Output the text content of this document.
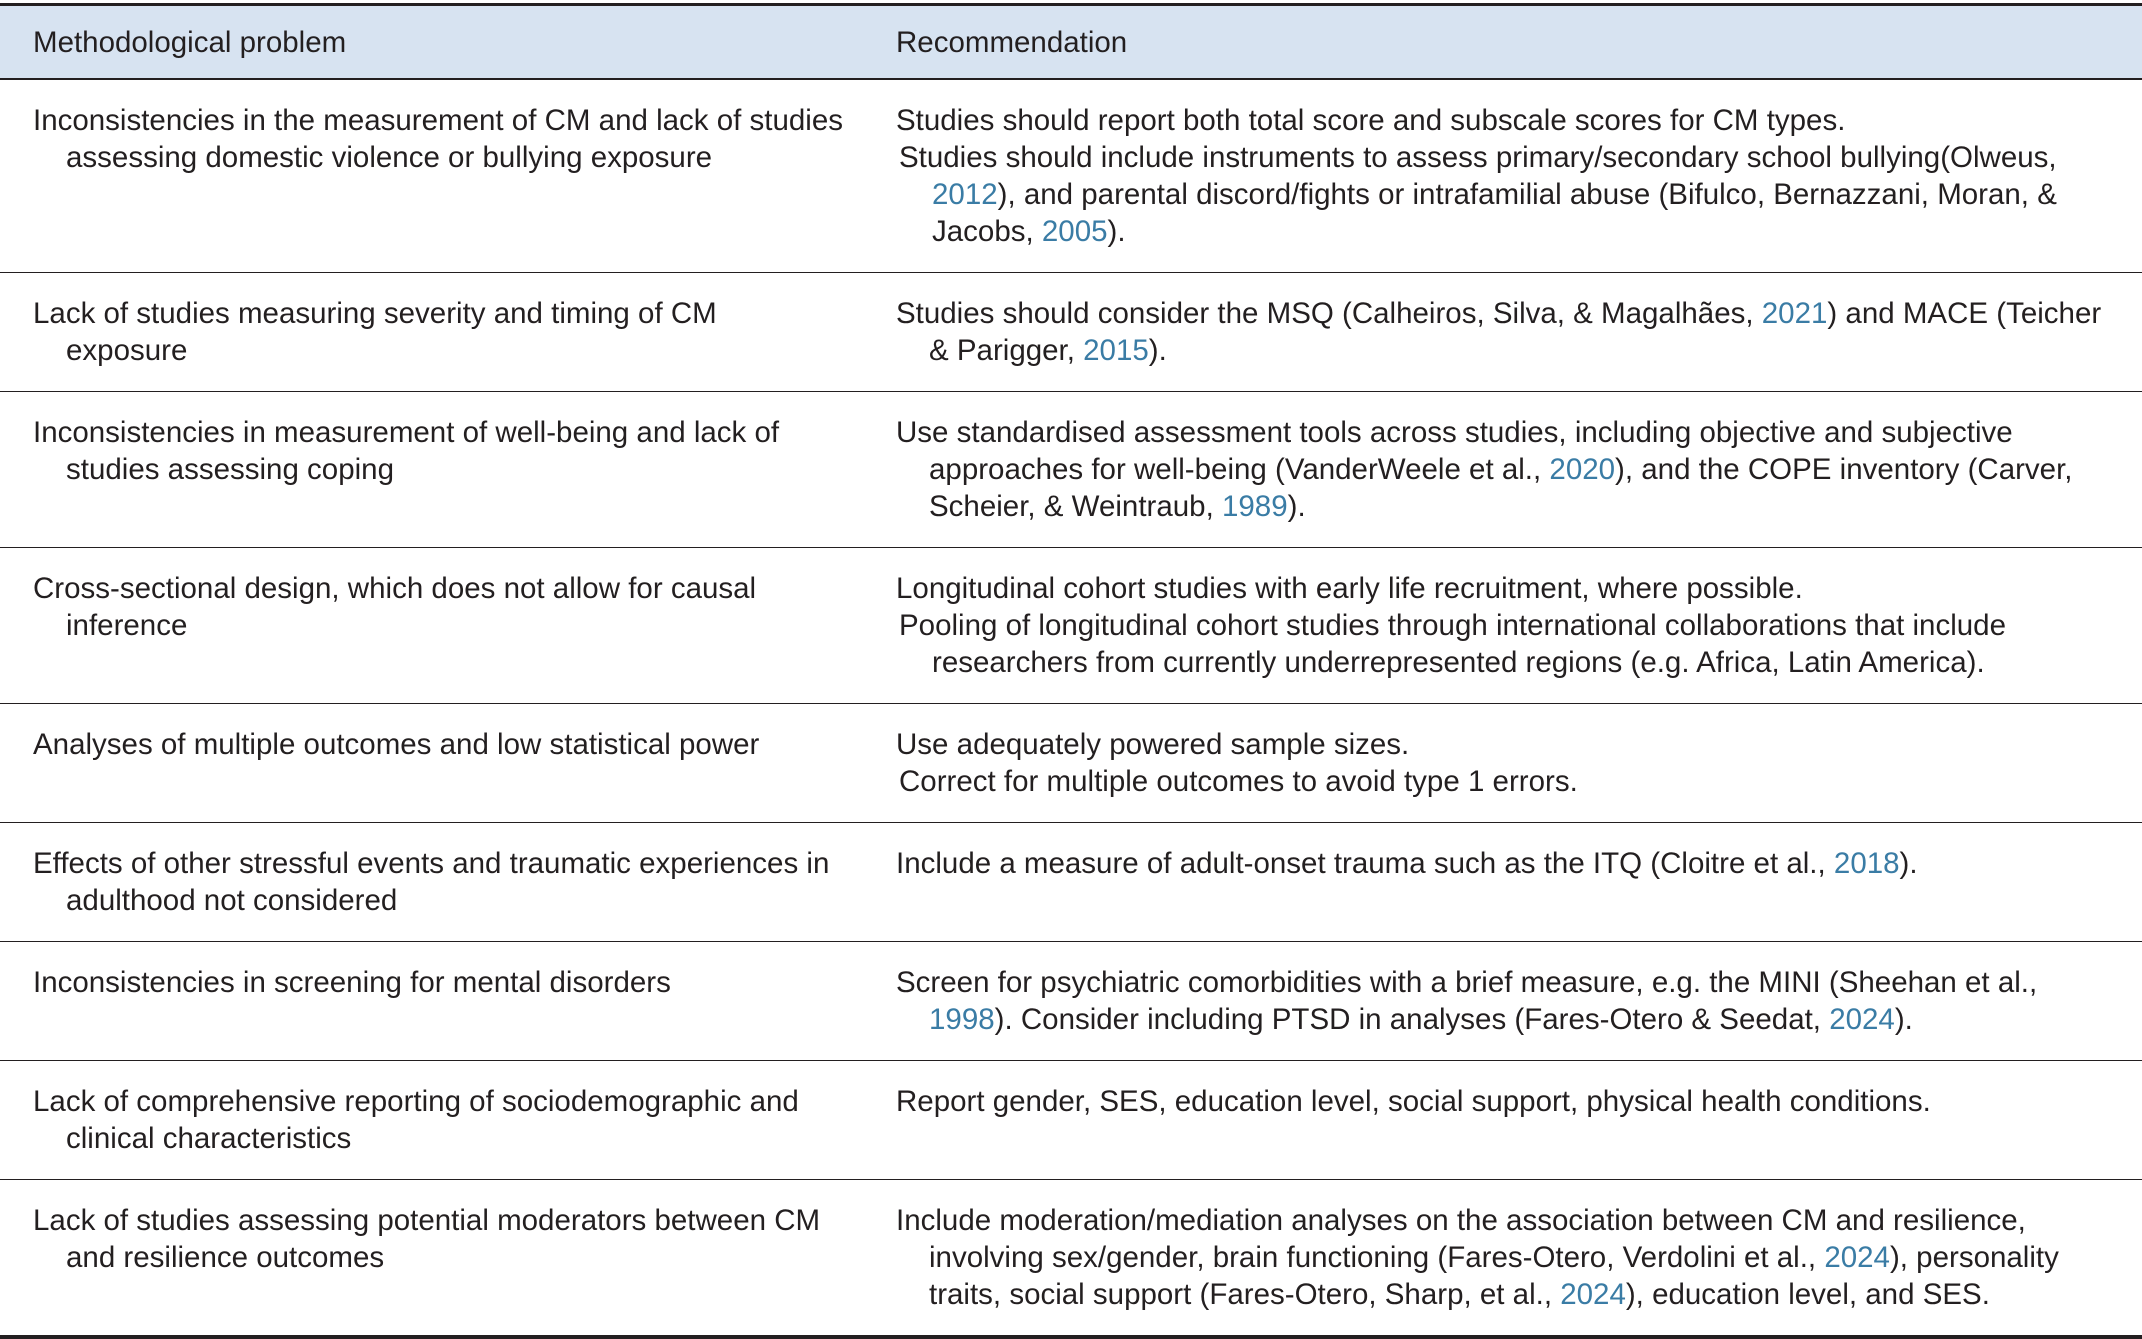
Methodological problem	Recommendation

Inconsistencies in the measurement of CM and lack of studies assessing domestic violence or bullying exposure	Studies should report both total score and subscale scores for CM types.
Studies should include instruments to assess primary/secondary school bullying(Olweus, 2012), and parental discord/fights or intrafamilial abuse (Bifulco, Bernazzani, Moran, & Jacobs, 2005).

Lack of studies measuring severity and timing of CM exposure	Studies should consider the MSQ (Calheiros, Silva, & Magalhães, 2021) and MACE (Teicher & Parigger, 2015).

Inconsistencies in measurement of well-being and lack of studies assessing coping	Use standardised assessment tools across studies, including objective and subjective approaches for well-being (VanderWeele et al., 2020), and the COPE inventory (Carver, Scheier, & Weintraub, 1989).

Cross-sectional design, which does not allow for causal inference	Longitudinal cohort studies with early life recruitment, where possible.
Pooling of longitudinal cohort studies through international collaborations that include researchers from currently underrepresented regions (e.g. Africa, Latin America).

Analyses of multiple outcomes and low statistical power	Use adequately powered sample sizes.
Correct for multiple outcomes to avoid type 1 errors.

Effects of other stressful events and traumatic experiences in adulthood not considered	Include a measure of adult-onset trauma such as the ITQ (Cloitre et al., 2018).

Inconsistencies in screening for mental disorders	Screen for psychiatric comorbidities with a brief measure, e.g. the MINI (Sheehan et al., 1998). Consider including PTSD in analyses (Fares-Otero & Seedat, 2024).

Lack of comprehensive reporting of sociodemographic and clinical characteristics	Report gender, SES, education level, social support, physical health conditions.

Lack of studies assessing potential moderators between CM and resilience outcomes	Include moderation/mediation analyses on the association between CM and resilience, involving sex/gender, brain functioning (Fares-Otero, Verdolini et al., 2024), personality traits, social support (Fares-Otero, Sharp, et al., 2024), education level, and SES.
